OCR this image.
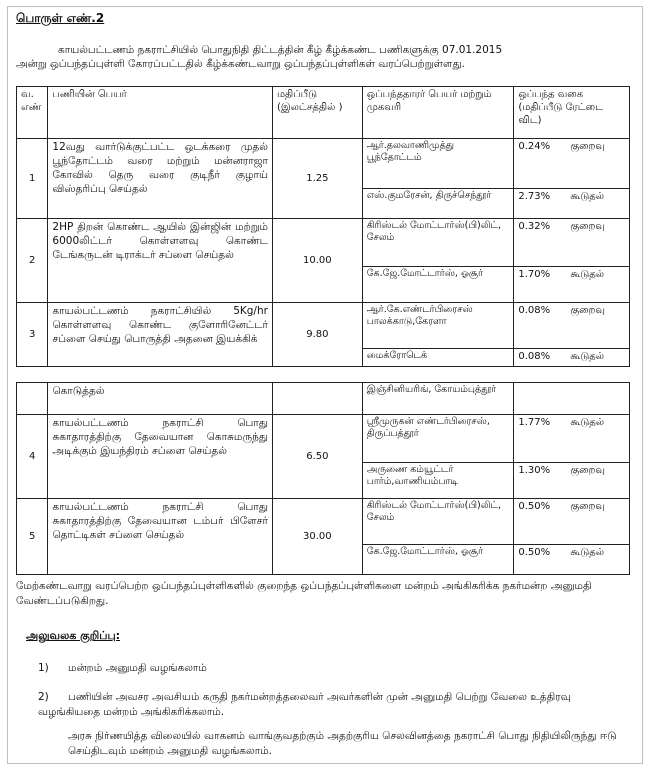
பொருள் எண்.2
காயல்பட்டணம் நகராட்சியில் பொதுநிதி திட்டத்தின் கீழ் கீழ்க்கண்ட பணிகளுக்கு 07.01.2015
அன்று ஒப்பந்தப்புள்ளி கோரப்பட்டதில் கீழ்க்கண்டவாறு ஒப்பந்தப்புள்ளிகள் வரப்பெற்றுள்ளது.
வ. எண்	பணியின் பெயர்	மதிப்பீடு (இலட்சத்தில் )	ஒப்பந்ததாரர் பெயர் மற்றும் முகவரி	ஒப்பந்த வகை (மதிப்பீடு ரேட்டை விட)
1	12வது வார்டுக்குட்பட்ட ஒடக்கரை முதல் பூந்தோட்டம் வரை மற்றும் மன்னராஜா கோவில் தெரு வரை குடிநீர் குழாய் விஸ்தரிப்பு செய்தல்	1.25	ஆர்.தலவாணிமுத்து பூந்தோட்டம்	0.24% குறைவு
			எஸ்.குமரேசன், திருச்செந்தூர்	2.73% கூடுதல்
2	2HP திறன் கொண்ட ஆயில் இன்ஜின் மற்றும் 6000லிட்டர் கொள்ளளவு கொண்ட டேங்கருடன் டிராக்டர் சப்ளை செய்தல்	10.00	கிரிஸ்டல் மோட்டார்ஸ்(பி)லிட், சேலம்	0.32% குறைவு
			கே.ஜே.மோட்டார்ஸ், ஓசூர்	1.70% கூடுதல்
3	காயல்பட்டணம் நகராட்சியில் 5Kg/hr கொள்ளளவு கொண்ட குளோரினேட்டர் சப்ளை செய்து பொருத்தி அதனை இயக்கிக்	9.80	ஆர்.கே.எண்டர்பிரைசஸ் பாலக்காடு,கேரளா	0.08% குறைவு
			மைக்ரோடெக்	0.08% கூடுதல்
	கொடுத்தல்		இஞ்சினியரிங், கோயம்புத்தூர்	
4	காயல்பட்டணம் நகராட்சி பொது சுகாதாரத்திற்கு தேவையான கொசுமருந்து அடிக்கும் இயந்திரம் சப்ளை செய்தல்	6.50	ஸ்ரீமுருகன் எண்டர்பிரைசஸ், திருப்பத்தூர்	1.77% கூடுதல்
			அருணை கம்யூட்டர் பார்ம்,வாணியம்பாடி	1.30% குறைவு
5	காயல்பட்டணம் நகராட்சி பொது சுகாதாரத்திற்கு தேவையான டம்பர் பிளேசர் தொட்டிகள் சப்ளை செய்தல்	30.00	கிரிஸ்டல் மோட்டார்ஸ்(பி)லிட், சேலம்	0.50% குறைவு
			கே.ஜே.மோட்டார்ஸ், ஓசூர்	0.50% கூடுதல்
மேற்கண்டவாறு வரப்பெற்ற ஒப்பந்தப்புள்ளிகளில் குறைந்த ஒப்பந்தப்புள்ளிகளை மன்றம் அங்கிகரிக்க நகர்மன்ற அனுமதி வேண்டப்படுகிறது.
அலுவலக குறிப்பு:
1) மன்றம் அனுமதி வழங்கலாம்
2) பணியின் அவசர அவசியம் கருதி நகர்மன்றத்தலைவர் அவர்களின் முன் அனுமதி பெற்று வேலை உத்திரவு வழங்கியதை மன்றம் அங்கிகரிக்கலாம்.
அரசு நிர்ணயித்த விலையில் வாகனம் வாங்குவதற்கும் அதற்குரிய செலவினத்தை நகராட்சி பொது நிதியிலிருந்து ஈடு செய்திடவும் மன்றம் அனுமதி வழங்கலாம்.
